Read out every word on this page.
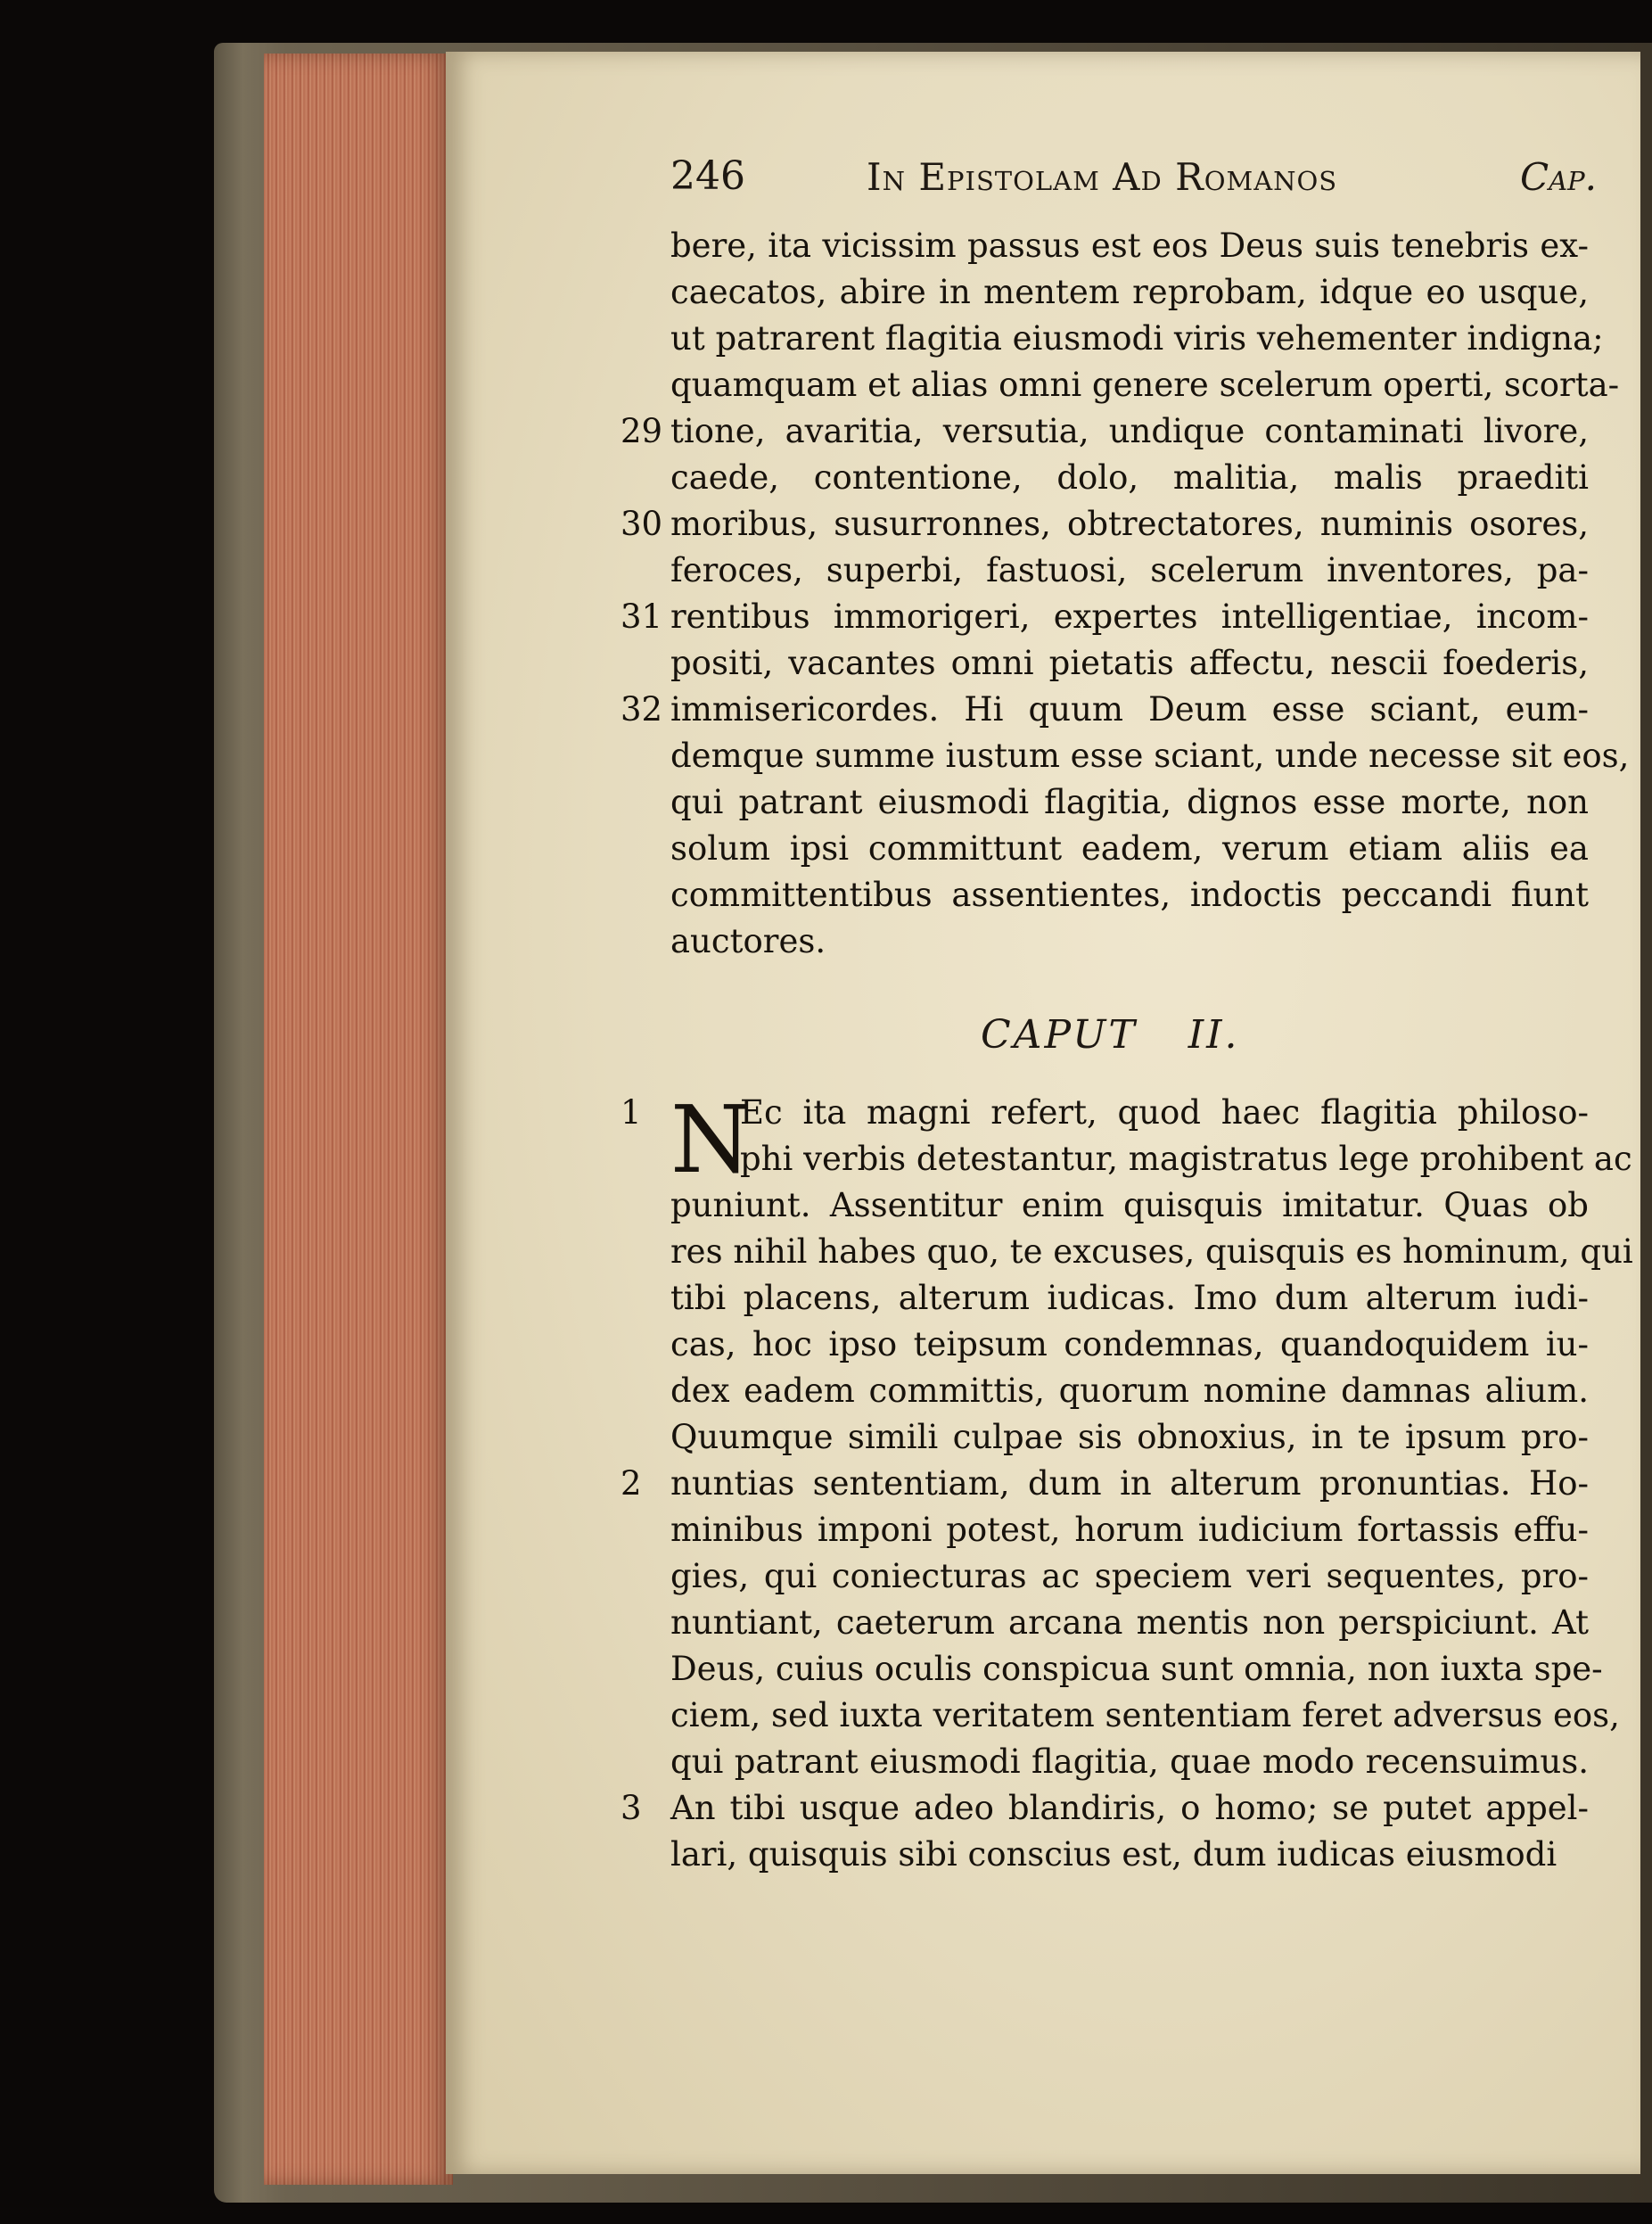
246	In Epistolam Ad Romanos	Cap.
bere, ita vicissim passus est eos Deus suis tenebris ex-
caecatos, abire in mentem reprobam, idque eo usque,
ut patrarent flagitia eiusmodi viris vehementer indigna;
quamquam et alias omni genere scelerum operti, scorta-
tione, avaritia, versutia, undique contaminati livore,
caede, contentione, dolo, malitia, malis praediti
moribus, susurronnes, obtrectatores, numinis osores,
feroces, superbi, fastuosi, scelerum inventores, pa-
rentibus immorigeri, expertes intelligentiae, incom-
positi, vacantes omni pietatis affectu, nescii foederis,
immisericordes. Hi quum Deum esse sciant, eum-
demque summe iustum esse sciant, unde necesse sit eos,
qui patrant eiusmodi flagitia, dignos esse morte, non
solum ipsi committunt eadem, verum etiam aliis ea
committentibus assentientes, indoctis peccandi fiunt
auctores.
29
30
31
32
CAPUT II.
N
Ec ita magni refert, quod haec flagitia philoso-
phi verbis detestantur, magistratus lege prohibent ac
puniunt. Assentitur enim quisquis imitatur. Quas ob
res nihil habes quo, te excuses, quisquis es hominum, qui
tibi placens, alterum iudicas. Imo dum alterum iudi-
cas, hoc ipso teipsum condemnas, quandoquidem iu-
dex eadem committis, quorum nomine damnas alium.
Quumque simili culpae sis obnoxius, in te ipsum pro-
nuntias sententiam, dum in alterum pronuntias. Ho-
minibus imponi potest, horum iudicium fortassis effu-
gies, qui coniecturas ac speciem veri sequentes, pro-
nuntiant, caeterum arcana mentis non perspiciunt. At
Deus, cuius oculis conspicua sunt omnia, non iuxta spe-
ciem, sed iuxta veritatem sententiam feret adversus eos,
qui patrant eiusmodi flagitia, quae modo recensuimus.
An tibi usque adeo blandiris, o homo; se putet appel-
lari, quisquis sibi conscius est, dum iudicas eiusmodi
1
2
3
